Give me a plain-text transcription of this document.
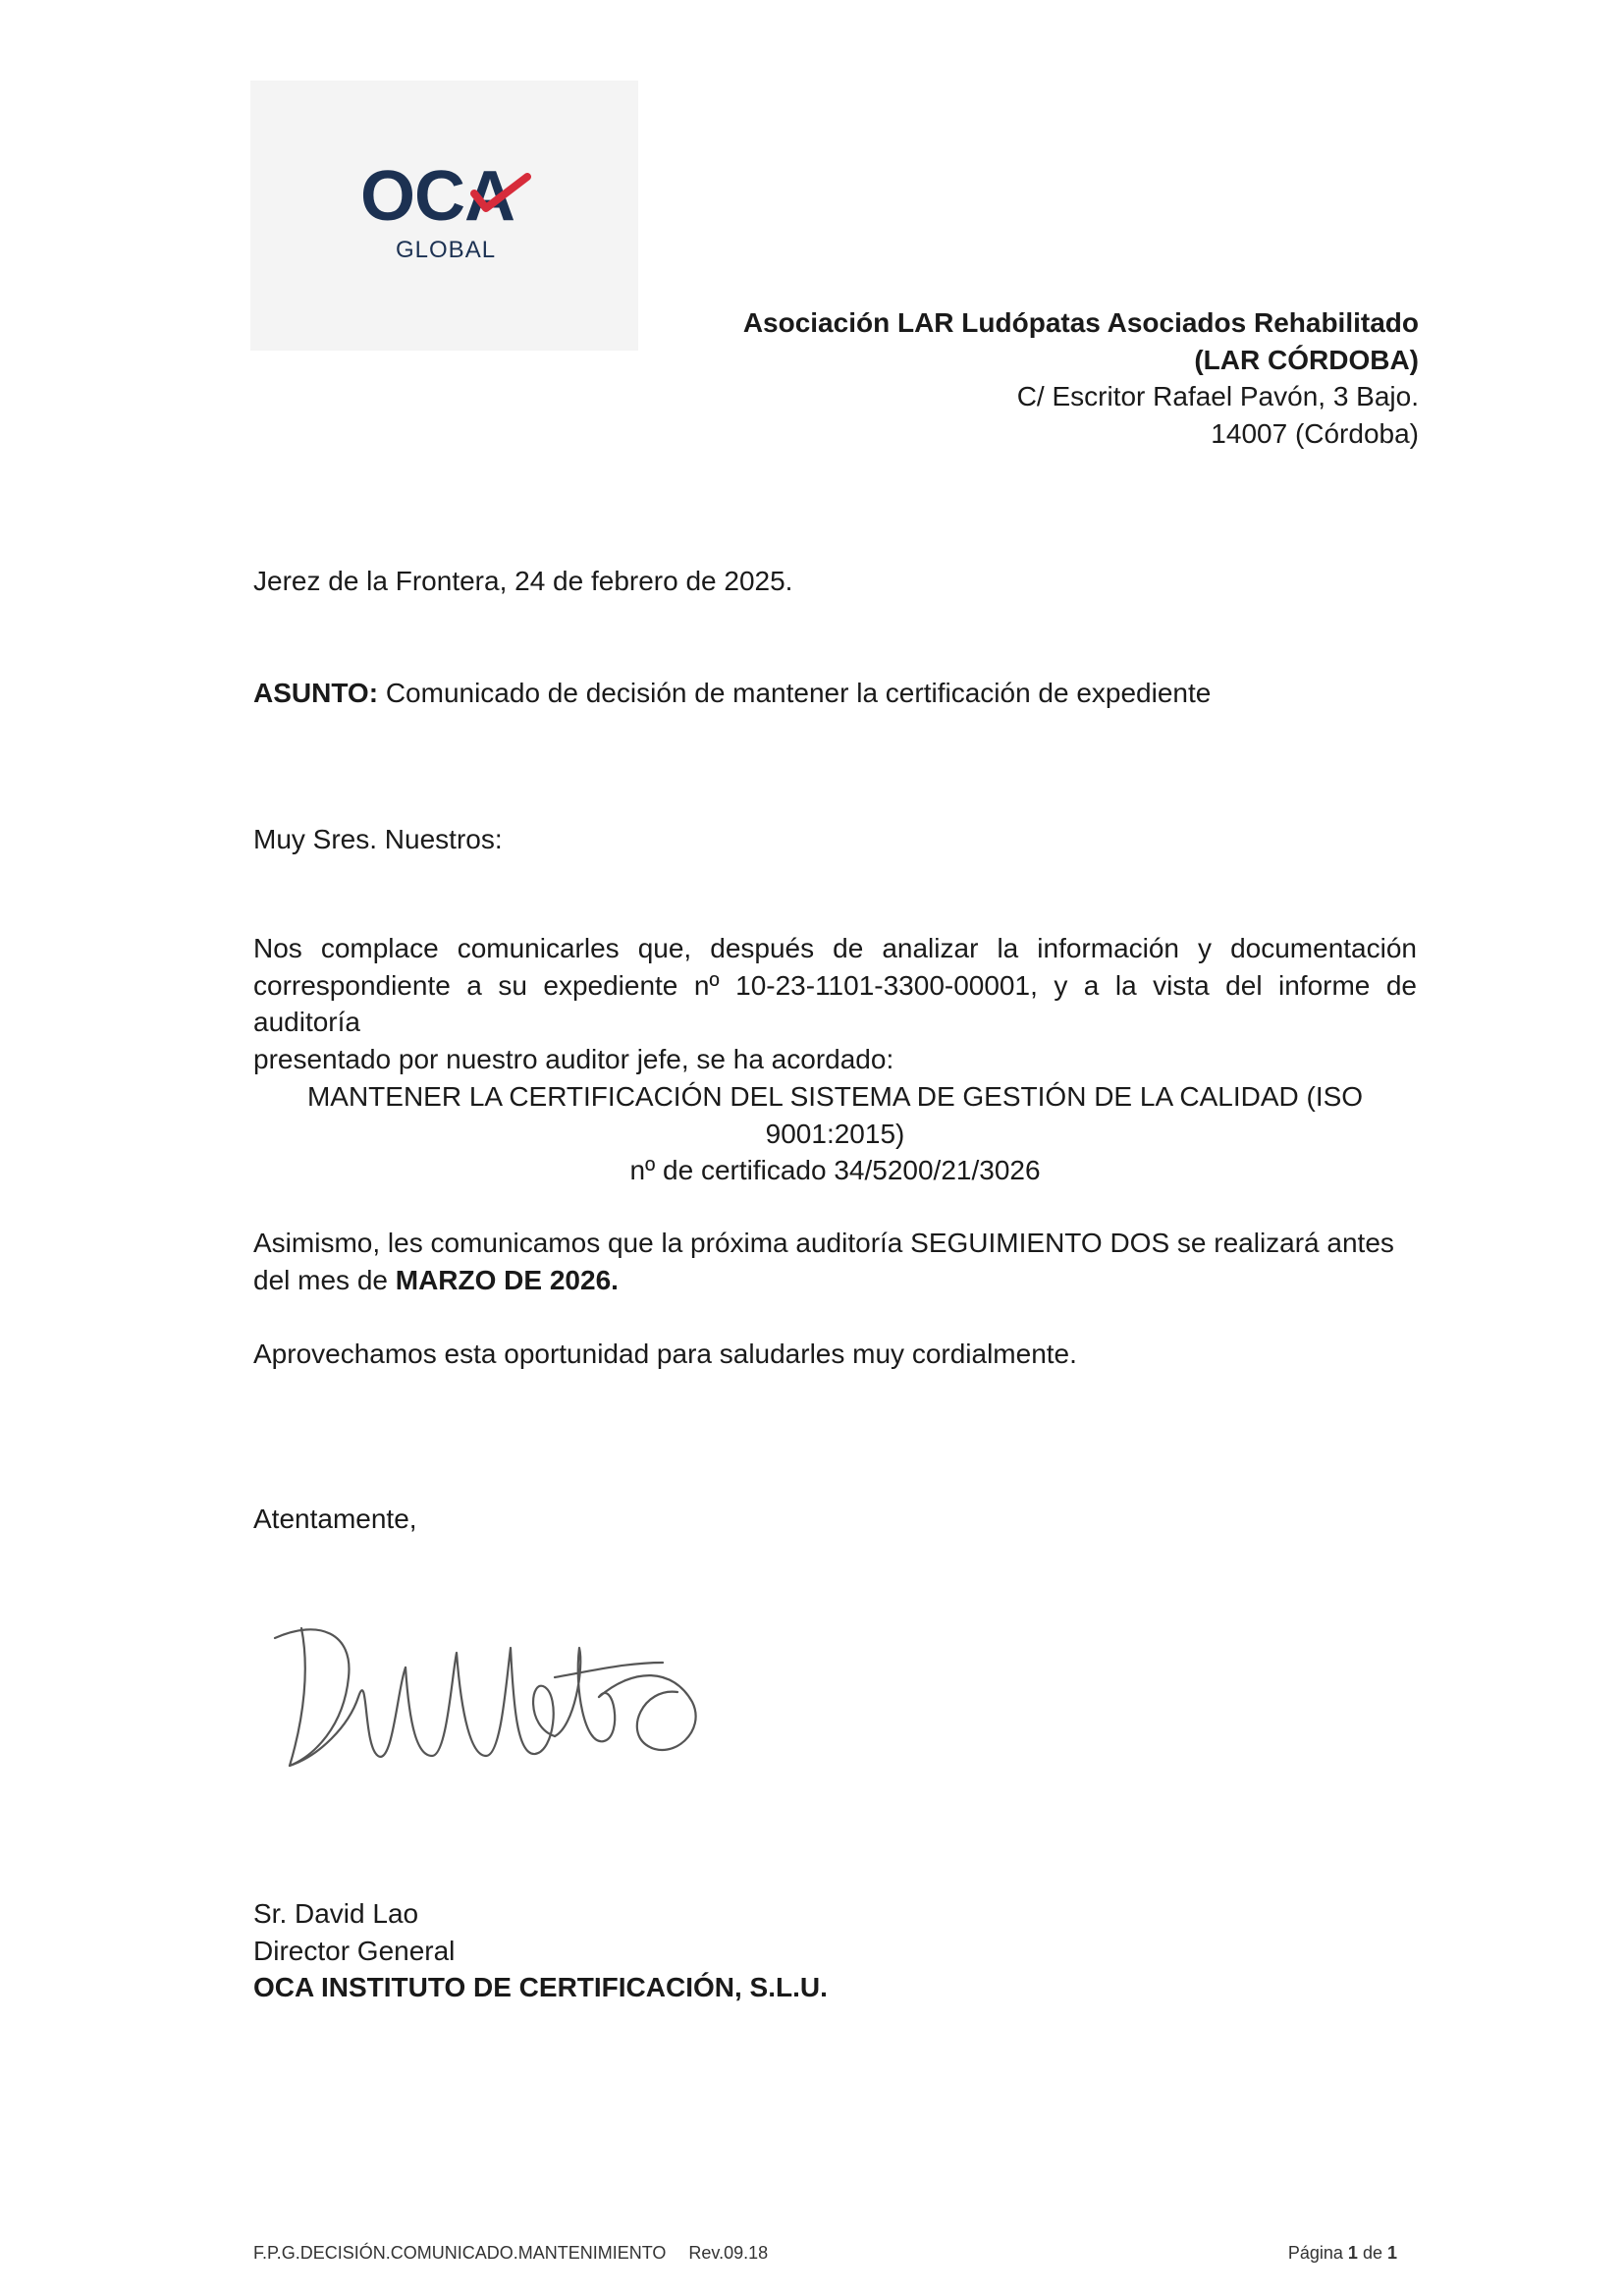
OCA
GLOBAL
Asociación LAR Ludópatas Asociados Rehabilitado
(LAR CÓRDOBA)
C/ Escritor Rafael Pavón, 3 Bajo.
14007 (Córdoba)
Jerez de la Frontera, 24 de febrero de 2025.
ASUNTO: Comunicado de decisión de mantener la certificación de expediente
Muy Sres. Nuestros:
Nos complace comunicarles que, después de analizar la información y documentación
correspondiente a su expediente nº 10-23-1101-3300-00001, y a la vista del informe de auditoría
presentado por nuestro auditor jefe, se ha acordado:
MANTENER LA CERTIFICACIÓN DEL SISTEMA DE GESTIÓN DE LA CALIDAD (ISO 9001:2015)
nº de certificado 34/5200/21/3026
Asimismo, les comunicamos que la próxima auditoría SEGUIMIENTO DOS se realizará antes del mes de MARZO DE 2026.
Aprovechamos esta oportunidad para saludarles muy cordialmente.
Atentamente,
Sr. David Lao
Director General
OCA INSTITUTO DE CERTIFICACIÓN, S.L.U.
F.P.G.DECISIÓN.COMUNICADO.MANTENIMIENTO Rev.09.18	Página 1 de 1
